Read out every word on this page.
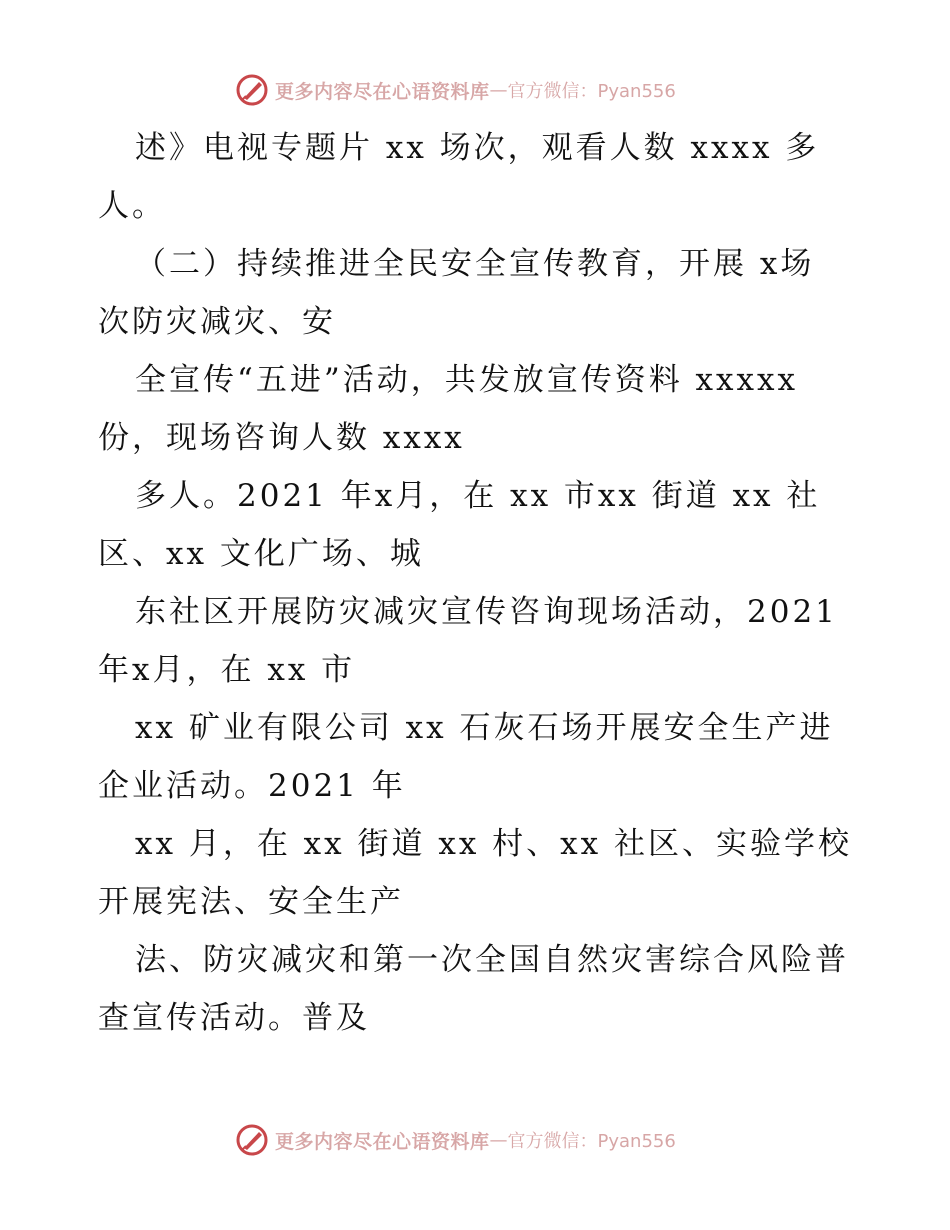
更多内容尽在心语资料库 — 官方微信：Pyan556
述》电视专题片 xx 场次，观看人数 xxxx 多
人。
（二）持续推进全民安全宣传教育，开展 x场
次防灾减灾、安
全宣传“五进”活动，共发放宣传资料 xxxxx
份，现场咨询人数 xxxx
多人。2021 年x月，在 xx 市xx 街道 xx 社
区、xx 文化广场、城
东社区开展防灾减灾宣传咨询现场活动，2021
年x月，在 xx 市
xx 矿业有限公司 xx 石灰石场开展安全生产进
企业活动。2021 年
xx 月，在 xx 街道 xx 村、xx 社区、实验学校
开展宪法、安全生产
法、防灾减灾和第一次全国自然灾害综合风险普
查宣传活动。普及
更多内容尽在心语资料库 — 官方微信：Pyan556
